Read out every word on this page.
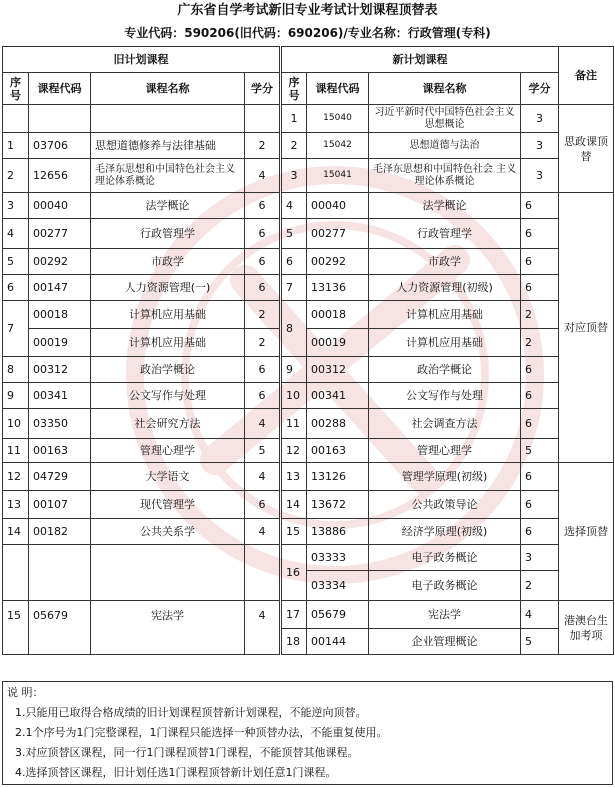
广东省自学考试新旧专业考试计划课程顶替表
专业代码：590206(旧代码：690206)/专业名称：行政管理(专科)
旧计划课程				新计划课程				备注
序号	课程代码	课程名称	学分	序号	课程代码	课程名称	学分	
				1	15040	习近平新时代中国特色社会主义思想概论	3	思政课顶替
1	03706	思想道德修养与法律基础	2	2	15042	思想道德与法治	3	
2	12656	毛泽东思想和中国特色社会主义理论体系概论	4	3	15041	毛泽东思想和中国特色社会 主义理论体系概论	3	
3	00040	法学概论	6	4	00040	法学概论	6	对应顶替
4	00277	行政管理学	6	5	00277	行政管理学	6	
5	00292	市政学	6	6	00292	市政学	6	
6	00147	人力资源管理(一)	6	7	13136	人力资源管理(初级)	6	
7	00018	计算机应用基础	2	8	00018	计算机应用基础	2	
	00019	计算机应用基础	2		00019	计算机应用基础	2	
8	00312	政治学概论	6	9	00312	政治学概论	6	
9	00341	公文写作与处理	6	10	00341	公文写作与处理	6	
10	03350	社会研究方法	4	11	00288	社会调查方法	6	
11	00163	管理心理学	5	12	00163	管理心理学	5	
12	04729	大学语文	4	13	13126	管理学原理(初级)	6	选择顶替
13	00107	现代管理学	6	14	13672	公共政策导论	6	
14	00182	公共关系学	4	15	13886	经济学原理(初级)	6	
				16	03333	电子政务概论	3	
					03334	电子政务概论	2	
15	05679	宪法学	4	17	05679	宪法学	4	港澳台生加考项
				18	00144	企业管理概论	5	
说 明：
1.只能用已取得合格成绩的旧计划课程顶替新计划课程，不能逆向顶替。
2.1个序号为1门完整课程，1门课程只能选择一种顶替办法，不能重复使用。
3.对应顶替区课程，同一行1门课程顶替1门课程，不能顶替其他课程。
4.选择顶替区课程，旧计划任选1门课程顶替新计划任意1门课程。
